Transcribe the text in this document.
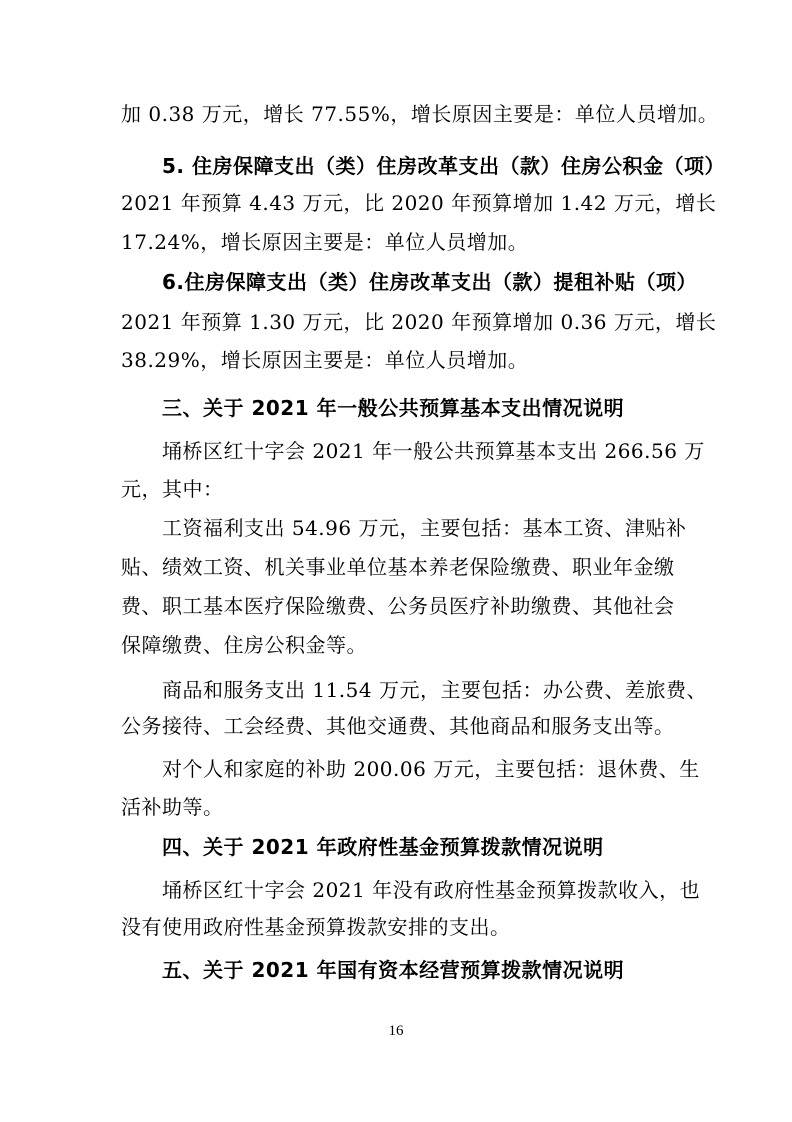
加 0.38 万元，增长 77.55%，增长原因主要是：单位人员增加。
5. 住房保障支出（类）住房改革支出（款）住房公积金（项）
2021 年预算 4.43 万元，比 2020 年预算增加 1.42 万元，增长
17.24%，增长原因主要是：单位人员增加。
6.住房保障支出（类）住房改革支出（款）提租补贴（项）
2021 年预算 1.30 万元，比 2020 年预算增加 0.36 万元，增长
38.29%，增长原因主要是：单位人员增加。
三、关于 2021 年一般公共预算基本支出情况说明
埇桥区红十字会 2021 年一般公共预算基本支出 266.56 万
元，其中：
工资福利支出 54.96 万元，主要包括：基本工资、津贴补
贴、绩效工资、机关事业单位基本养老保险缴费、职业年金缴
费、职工基本医疗保险缴费、公务员医疗补助缴费、其他社会
保障缴费、住房公积金等。
商品和服务支出 11.54 万元，主要包括：办公费、差旅费、
公务接待、工会经费、其他交通费、其他商品和服务支出等。
对个人和家庭的补助 200.06 万元，主要包括：退休费、生
活补助等。
四、关于 2021 年政府性基金预算拨款情况说明
埇桥区红十字会 2021 年没有政府性基金预算拨款收入，也
没有使用政府性基金预算拨款安排的支出。
五、关于 2021 年国有资本经营预算拨款情况说明
16
